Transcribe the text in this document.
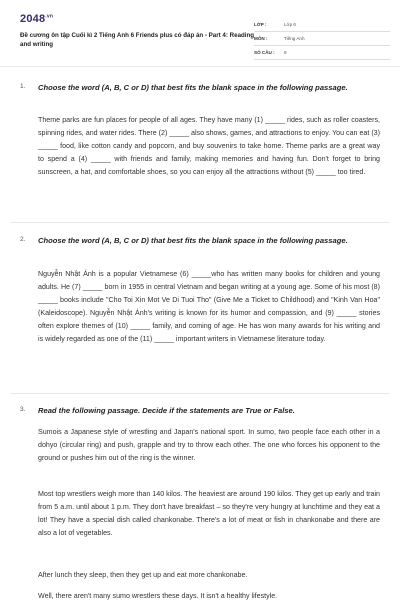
$2048^{.vn}$
Đề cương ôn tập Cuối kì 2 Tiếng Anh 6 Friends plus có đáp án - Part 4: Reading and writing
LỚP :	Lớp 6
MÔN :	Tiếng Anh
SỐ CÂU :	6
1. Choose the word (A, B, C or D) that best fits the blank space in the following passage.
Theme parks are fun places for people of all ages. They have many (1) _____ rides, such as roller coasters, spinning rides, and water rides. There (2) _____ also shows, games, and attractions to enjoy. You can eat (3) _____ food, like cotton candy and popcorn, and buy souvenirs to take home. Theme parks are a great way to spend a (4) _____ with friends and family, making memories and having fun. Don't forget to bring sunscreen, a hat, and comfortable shoes, so you can enjoy all the attractions without (5) _____ too tired.
2. Choose the word (A, B, C or D) that best fits the blank space in the following passage.
Nguyễn Nhật Ánh is a popular Vietnamese (6) _____who has written many books for children and young adults. He (7) _____ born in 1955 in central Vietnam and began writing at a young age. Some of his most (8) _____ books include "Cho Toi Xin Mot Ve Di Tuoi Tho" (Give Me a Ticket to Childhood) and "Kinh Van Hoa" (Kaleidoscope). Nguyễn Nhật Ánh's writing is known for its humor and compassion, and (9) _____ stories often explore themes of (10) _____ family, and coming of age. He has won many awards for his writing and is widely regarded as one of the (11) _____ important writers in Vietnamese literature today.
3. Read the following passage. Decide if the statements are True or False.
Sumois a Japanese style of wrestling and Japan's national sport. In sumo, two people face each other in a dohyo (circular ring) and push, grapple and try to throw each other. The one who forces his opponent to the ground or pushes him out of the ring is the winner.
Most top wrestlers weigh more than 140 kilos. The heaviest are around 190 kilos. They get up early and train from 5 a.m. until about 1 p.m. They don't have breakfast – so they're very hungry at lunchtime and they eat a lot! They have a special dish called chankonabe. There's a lot of meat or fish in chankonabe and there are also a lot of vegetables.
After lunch they sleep, then they get up and eat more chankonabe.
Well, there aren't many sumo wrestlers these days. It isn't a healthy lifestyle.
